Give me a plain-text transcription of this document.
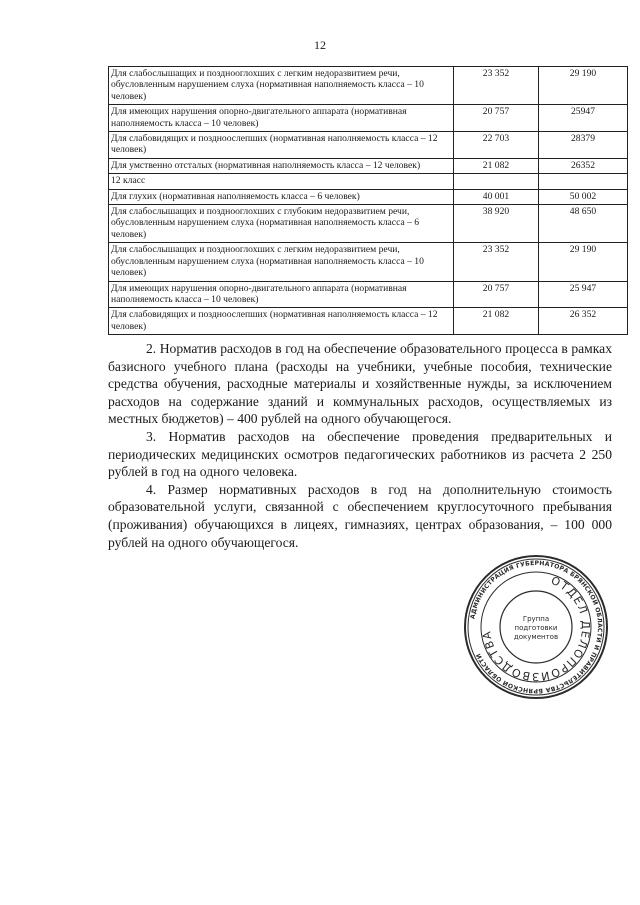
12
Для слабослышащих и позднооглохших с легким недоразвитием речи, обусловленным нарушением слуха (нормативная наполняемость класса – 10 человек)	23 352	29 190
Для имеющих нарушения опорно-двигательного аппарата (нормативная наполняемость класса – 10 человек)	20 757	25947
Для слабовидящих и поздноослепших (нормативная наполняемость класса – 12 человек)	22 703	28379
Для умственно отсталых (нормативная наполняемость класса – 12 человек)	21 082	26352
12 класс		
Для глухих (нормативная наполняемость класса – 6 человек)	40 001	50 002
Для слабослышащих и позднооглохших с глубоким недоразвитием речи, обусловленным нарушением слуха (нормативная наполняемость класса – 6 человек)	38 920	48 650
Для слабослышащих и позднооглохших с легким недоразвитием речи, обусловленным нарушением слуха (нормативная наполняемость класса – 10 человек)	23 352	29 190
Для имеющих нарушения опорно-двигательного аппарата (нормативная наполняемость класса – 10 человек)	20 757	25 947
Для слабовидящих и поздноослепших (нормативная наполняемость класса – 12 человек)	21 082	26 352

2. Норматив расходов в год на обеспечение образовательного процесса в рамках базисного учебного плана (расходы на учебники, учебные пособия, технические средства обучения, расходные материалы и хозяйственные нужды, за исключением расходов на содержание зданий и коммунальных расходов, осуществляемых из местных бюджетов) – 400 рублей на одного обучающегося.

3. Норматив расходов на обеспечение проведения предварительных и периодических медицинских осмотров педагогических работников из расчета 2 250 рублей в год на одного человека.

4. Размер нормативных расходов в год на дополнительную стоимость образовательной услуги, связанной с обеспечением круглосуточного пребывания (проживания) обучающихся в лицеях, гимназиях, центрах образования, – 100 000 рублей на одного обучающегося.

АДМИНИСТРАЦИЯ ГУБЕРНАТОРА БРЯНСКОЙ ОБЛАСТИ И ПРАВИТЕЛЬСТВА БРЯНСКОЙ ОБЛАСТИ
ОТДЕЛ ДЕЛОПРОИЗВОДСТВА
Группа
подготовки
документов
